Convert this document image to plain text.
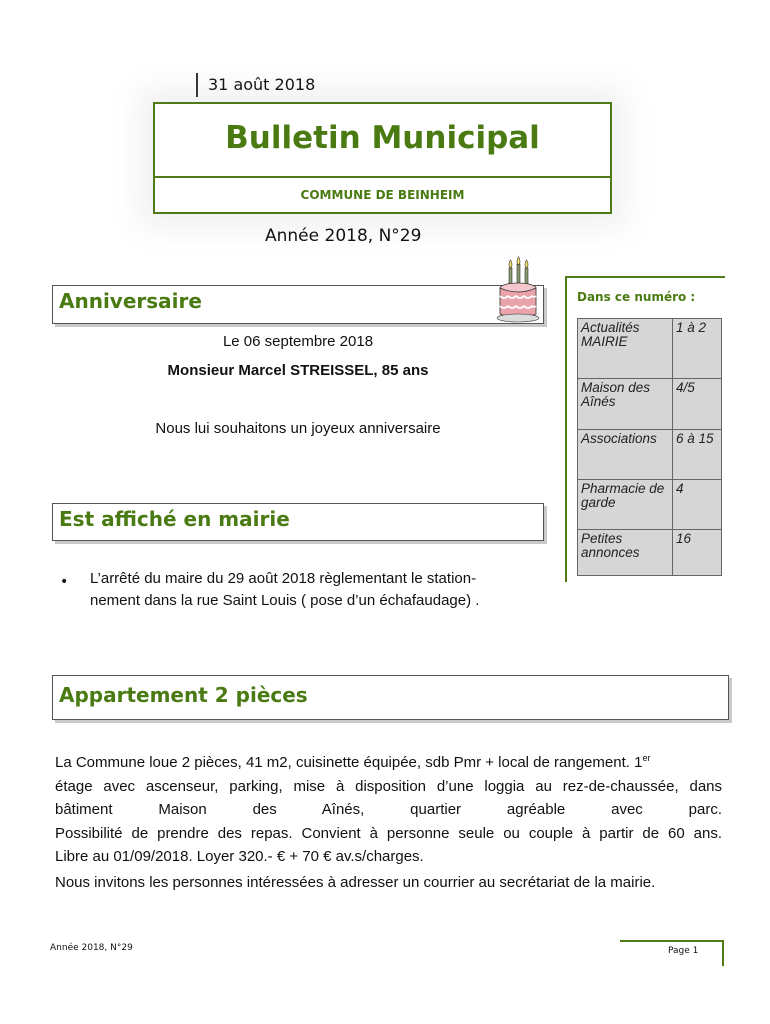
31 août 2018
Bulletin Municipal
COMMUNE DE BEINHEIM
Année 2018, N°29
Anniversaire
Le 06 septembre 2018
Monsieur Marcel STREISSEL, 85 ans
Nous lui souhaitons un joyeux anniversaire
Est affiché en mairie
• L’arrêté du maire du 29 août 2018 règlementant le station-
nement dans la rue Saint Louis ( pose d’un échafaudage) .
Dans ce numéro :
Actualités MAIRIE	1 à 2
Maison des Aînés	4/5
Associations	6 à 15
Pharmacie de garde	4
Petites annonces	16
Appartement 2 pièces
La Commune loue 2 pièces, 41 m2, cuisinette équipée, sdb Pmr + local de rangement. 1er
étage avec ascenseur, parking, mise à disposition d’une loggia au rez-de-chaussée, dans
bâtiment Maison des Aînés, quartier agréable avec parc.
Possibilité de prendre des repas. Convient à personne seule ou couple à partir de 60 ans.
Libre au 01/09/2018. Loyer 320.- € + 70 € av.s/charges.
Nous invitons les personnes intéressées à adresser un courrier au secrétariat de la mairie.
Année 2018, N°29	Page 1
